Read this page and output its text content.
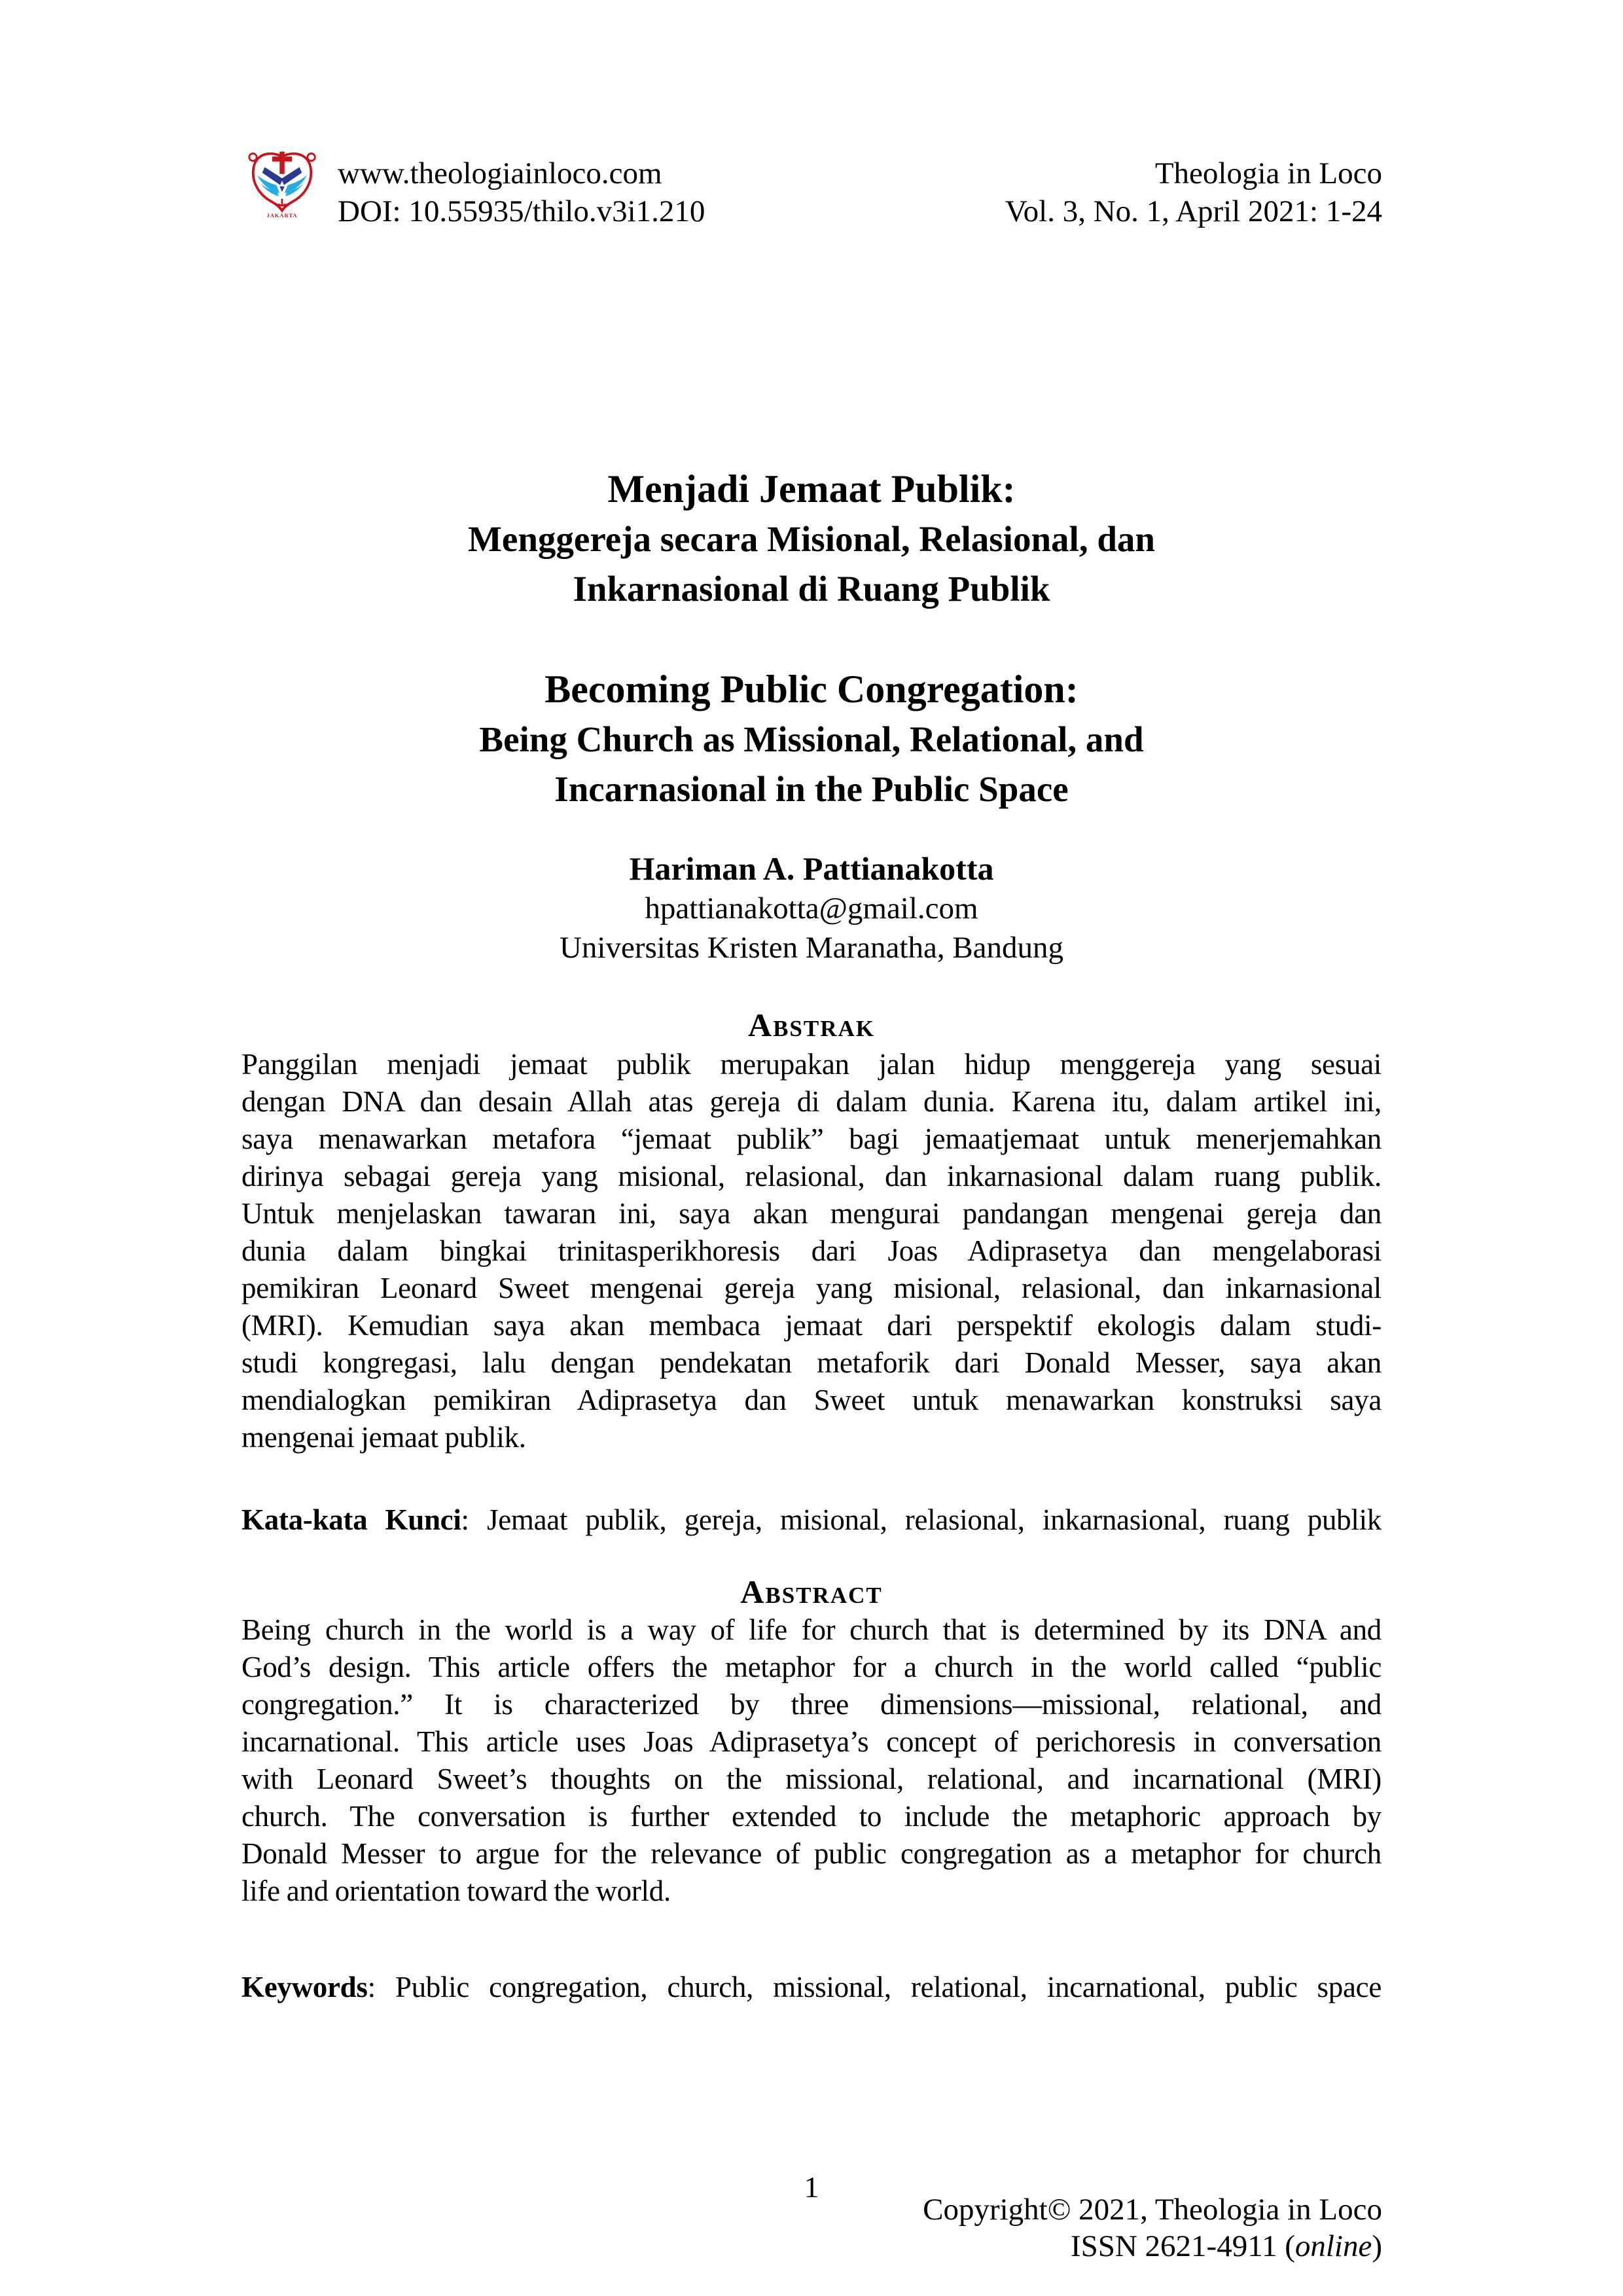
JAKARTA
www.theologiainloco.com
DOI: 10.55935/thilo.v3i1.210
Theologia in Loco
Vol. 3, No. 1, April 2021: 1-24
Menjadi Jemaat Publik:
Menggereja secara Misional, Relasional, dan
Inkarnasional di Ruang Publik
Becoming Public Congregation:
Being Church as Missional, Relational, and
Incarnasional in the Public Space
Hariman A. Pattianakotta
hpattianakotta@gmail.com
Universitas Kristen Maranatha, Bandung
Abstrak
Panggilan menjadi jemaat publik merupakan jalan hidup menggereja yang sesuai
dengan DNA dan desain Allah atas gereja di dalam dunia. Karena itu, dalam artikel ini,
saya menawarkan metafora “jemaat publik” bagi jemaatjemaat untuk menerjemahkan
dirinya sebagai gereja yang misional, relasional, dan inkarnasional dalam ruang publik.
Untuk menjelaskan tawaran ini, saya akan mengurai pandangan mengenai gereja dan
dunia dalam bingkai trinitasperikhoresis dari Joas Adiprasetya dan mengelaborasi
pemikiran Leonard Sweet mengenai gereja yang misional, relasional, dan inkarnasional
(MRI). Kemudian saya akan membaca jemaat dari perspektif ekologis dalam studi-
studi kongregasi, lalu dengan pendekatan metaforik dari Donald Messer, saya akan
mendialogkan pemikiran Adiprasetya dan Sweet untuk menawarkan konstruksi saya
mengenai jemaat publik.
Kata-kata Kunci: Jemaat publik, gereja, misional, relasional, inkarnasional, ruang publik
Abstract
Being church in the world is a way of life for church that is determined by its DNA and
God’s design. This article offers the metaphor for a church in the world called “public
congregation.” It is characterized by three dimensions—missional, relational, and
incarnational. This article uses Joas Adiprasetya’s concept of perichoresis in conversation
with Leonard Sweet’s thoughts on the missional, relational, and incarnational (MRI)
church. The conversation is further extended to include the metaphoric approach by
Donald Messer to argue for the relevance of public congregation as a metaphor for church
life and orientation toward the world.
Keywords: Public congregation, church, missional, relational, incarnational, public space
1
Copyright© 2021, Theologia in Loco
ISSN 2621-4911 (online)
